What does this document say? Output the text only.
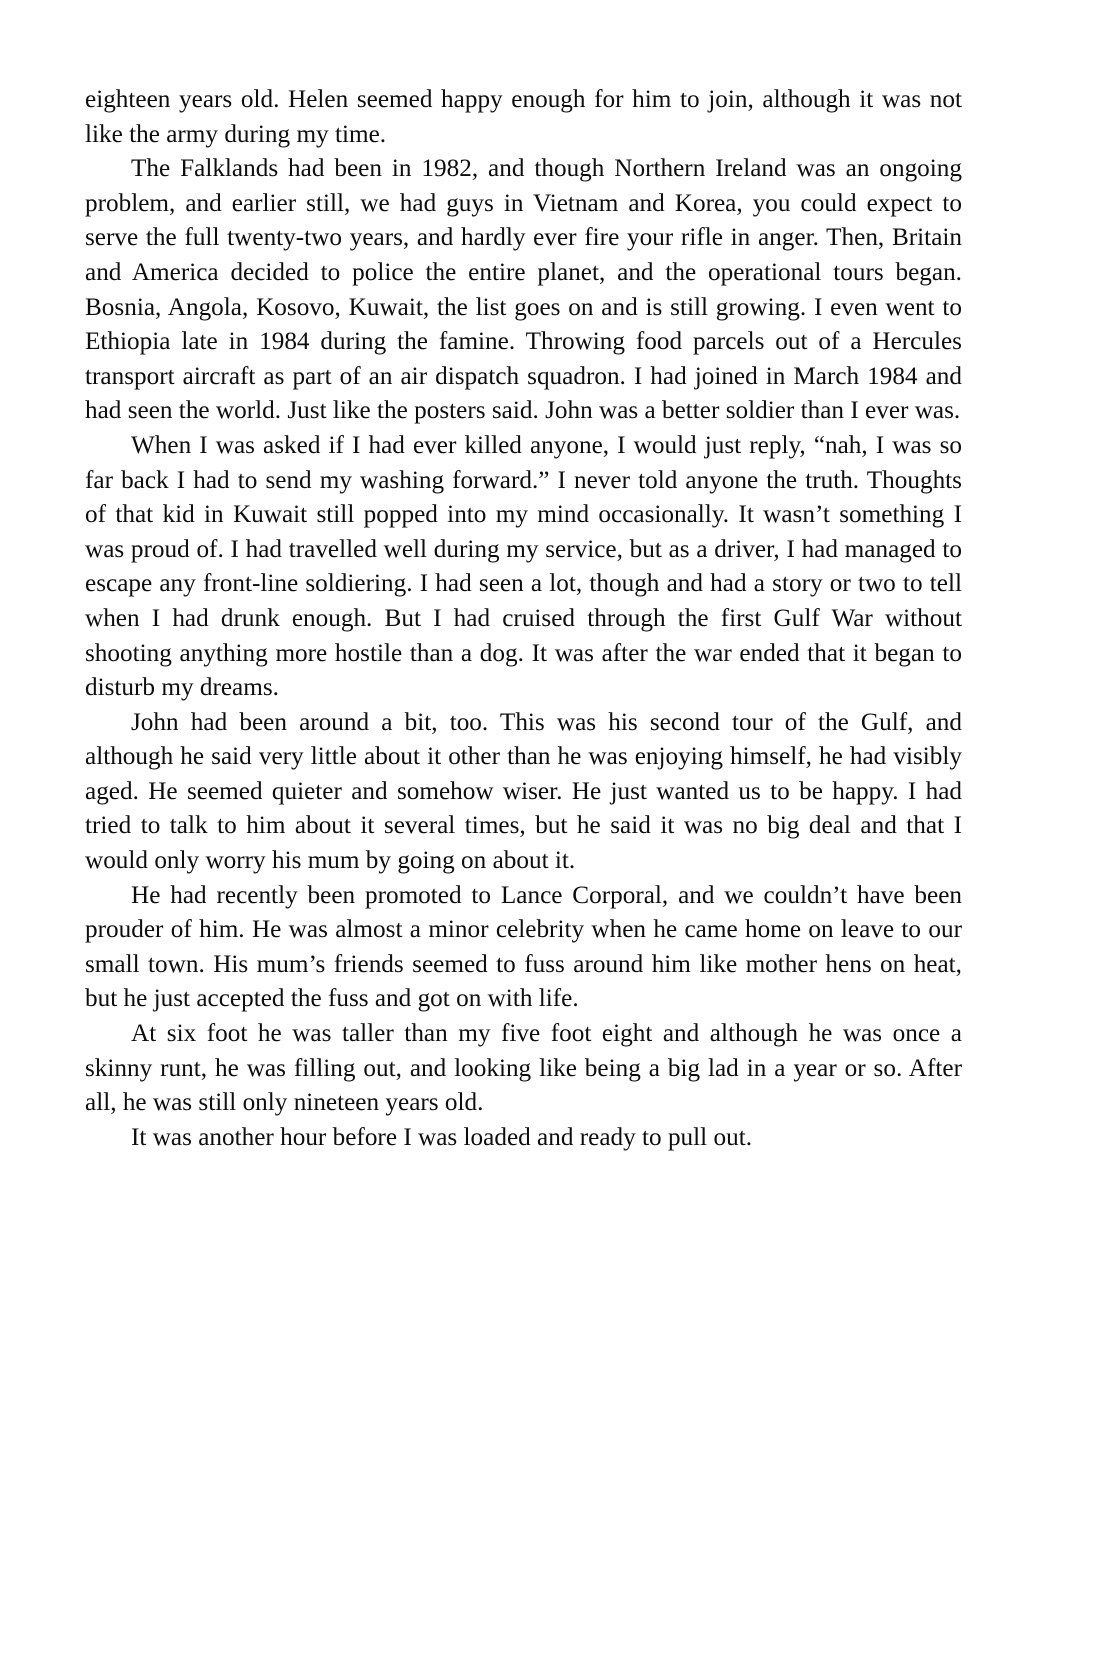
eighteen years old. Helen seemed happy enough for him to join, although it was not like the army during my time.

The Falklands had been in 1982, and though Northern Ireland was an ongoing problem, and earlier still, we had guys in Vietnam and Korea, you could expect to serve the full twenty-two years, and hardly ever fire your rifle in anger. Then, Britain and America decided to police the entire planet, and the operational tours began. Bosnia, Angola, Kosovo, Kuwait, the list goes on and is still growing. I even went to Ethiopia late in 1984 during the famine. Throwing food parcels out of a Hercules transport aircraft as part of an air dispatch squadron. I had joined in March 1984 and had seen the world. Just like the posters said. John was a better soldier than I ever was.

When I was asked if I had ever killed anyone, I would just reply, “nah, I was so far back I had to send my washing forward.” I never told anyone the truth. Thoughts of that kid in Kuwait still popped into my mind occasionally. It wasn’t something I was proud of. I had travelled well during my service, but as a driver, I had managed to escape any front-line soldiering. I had seen a lot, though and had a story or two to tell when I had drunk enough. But I had cruised through the first Gulf War without shooting anything more hostile than a dog. It was after the war ended that it began to disturb my dreams.

John had been around a bit, too. This was his second tour of the Gulf, and although he said very little about it other than he was enjoying himself, he had visibly aged. He seemed quieter and somehow wiser. He just wanted us to be happy. I had tried to talk to him about it several times, but he said it was no big deal and that I would only worry his mum by going on about it.

He had recently been promoted to Lance Corporal, and we couldn’t have been prouder of him. He was almost a minor celebrity when he came home on leave to our small town. His mum’s friends seemed to fuss around him like mother hens on heat, but he just accepted the fuss and got on with life.

At six foot he was taller than my five foot eight and although he was once a skinny runt, he was filling out, and looking like being a big lad in a year or so. After all, he was still only nineteen years old.

It was another hour before I was loaded and ready to pull out.
